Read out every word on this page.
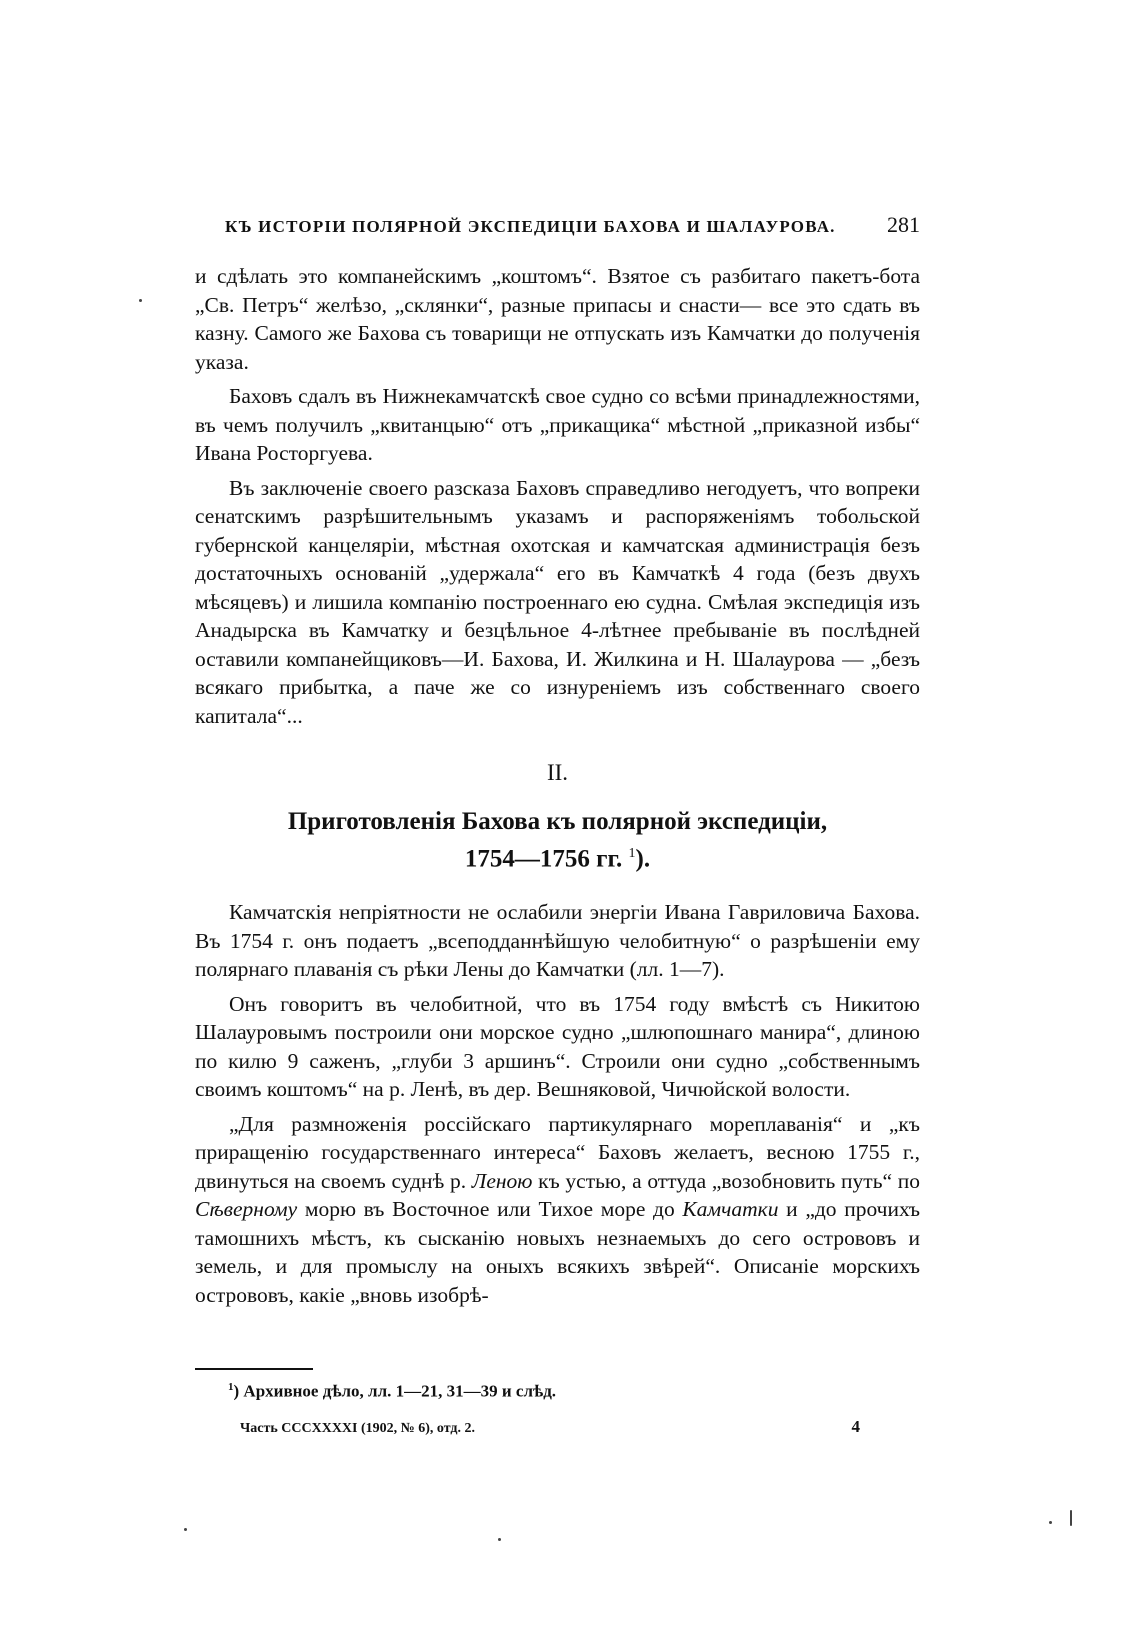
КЪ ИСТОРІИ ПОЛЯРНОЙ ЭКСПЕДИЦІИ БАХОВА И ШАЛАУРОВА. 281

и сдѣлать это компанейскимъ „коштомъ“. Взятое съ разбитаго пакетъ-бота „Св. Петръ“ желѣзо, „склянки“, разные припасы и снасти— все это сдать въ казну. Самого же Бахова съ товарищи не отпускать изъ Камчатки до полученія указа.

Баховъ сдалъ въ Нижнекамчатскѣ свое судно со всѣми принадлежностями, въ чемъ получилъ „квитанцыю“ отъ „прикащика“ мѣстной „приказной избы“ Ивана Росторгуева.

Въ заключеніе своего разсказа Баховъ справедливо негодуетъ, что вопреки сенатскимъ разрѣшительнымъ указамъ и распоряженіямъ тобольской губернской канцеляріи, мѣстная охотская и камчатская администрація безъ достаточныхъ основаній „удержала“ его въ Камчаткѣ 4 года (безъ двухъ мѣсяцевъ) и лишила компанію построеннаго ею судна. Смѣлая экспедиція изъ Анадырска въ Камчатку и безцѣльное 4-лѣтнее пребываніе въ послѣдней оставили компанейщиковъ—И. Бахова, И. Жилкина и Н. Шалаурова — „безъ всякаго прибытка, а паче же со изнуреніемъ изъ собственнаго своего капитала“...

II.
Приготовленія Бахова къ полярной экспедиціи,
1754—1756 гг. $^1$).

Камчатскія непріятности не ослабили энергіи Ивана Гавриловича Бахова. Въ 1754 г. онъ подаетъ „всеподданнѣйшую челобитную“ о разрѣшеніи ему полярнаго плаванія съ рѣки Лены до Камчатки (лл. 1—7).

Онъ говоритъ въ челобитной, что въ 1754 году вмѣстѣ съ Никитою Шалауровымъ построили они морское судно „шлюпошнаго манира“, длиною по килю 9 саженъ, „глуби 3 аршинъ“. Строили они судно „собственнымъ своимъ коштомъ“ на р. Ленѣ, въ дер. Вешняковой, Чичюйской волости.

„Для размноженія россійскаго партикулярнаго мореплаванія“ и „къ приращенію государственнаго интереса“ Баховъ желаетъ, весною 1755 г., двинуться на своемъ суднѣ р. Леною къ устью, а оттуда „возобновить путь“ по Сѣверному морю въ Восточное или Тихое море до Камчатки и „до прочихъ тамошнихъ мѣстъ, къ сысканію новыхъ незнаемыхъ до сего острововъ и земель, и для промыслу на оныхъ всякихъ звѣрей“. Описаніе морскихъ острововъ, какіе „вновь изобрѣ-

$^1$) Архивное дѣло, лл. 1—21, 31—39 и слѣд.
Часть CCCXXXXI (1902, № 6), отд. 2.	4
